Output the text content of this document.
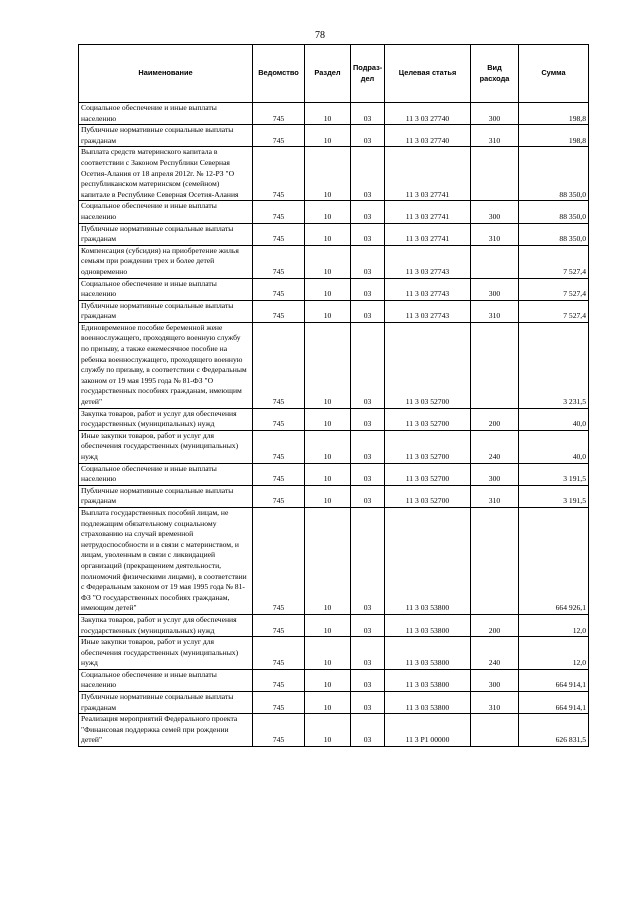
78
Наименование	Ведомство	Раздел	Подраз-дел	Целевая статья	Вид расхода	Сумма
Социальное обеспечение и иные выплаты населению	745	10	03	11 3 03 27740	300	198,8
Публичные нормативные социальные выплаты гражданам	745	10	03	11 3 03 27740	310	198,8
Выплата средств материнского капитала в соответствии с Законом Республики Северная Осетия-Алания от 18 апреля 2012г. № 12-РЗ "О республиканском материнском (семейном) капитале в Республике Северная Осетия-Алания	745	10	03	11 3 03 27741		88 350,0
Социальное обеспечение и иные выплаты населению	745	10	03	11 3 03 27741	300	88 350,0
Публичные нормативные социальные выплаты гражданам	745	10	03	11 3 03 27741	310	88 350,0
Компенсация (субсидия) на приобретение жилья семьям при рождении трех и более детей одновременно	745	10	03	11 3 03 27743		7 527,4
Социальное обеспечение и иные выплаты населению	745	10	03	11 3 03 27743	300	7 527,4
Публичные нормативные социальные выплаты гражданам	745	10	03	11 3 03 27743	310	7 527,4
Единовременное пособие беременной жене военнослужащего, проходящего военную службу по призыву, а также ежемесячное пособие на ребенка военнослужащего, проходящего военную службу по призыву, в соответствии с Федеральным законом от 19 мая 1995 года № 81-ФЗ "О государственных пособиях гражданам, имеющим детей"	745	10	03	11 3 03 52700		3 231,5
Закупка товаров, работ и услуг для обеспечения государственных (муниципальных) нужд	745	10	03	11 3 03 52700	200	40,0
Иные закупки товаров, работ и услуг для обеспечения государственных (муниципальных) нужд	745	10	03	11 3 03 52700	240	40,0
Социальное обеспечение и иные выплаты населению	745	10	03	11 3 03 52700	300	3 191,5
Публичные нормативные социальные выплаты гражданам	745	10	03	11 3 03 52700	310	3 191,5
Выплата государственных пособий лицам, не подлежащим обязательному социальному страхованию на случай временной нетрудоспособности и в связи с материнством, и лицам, уволенным в связи с ликвидацией организаций (прекращением деятельности, полномочий физическими лицами), в соответствии с Федеральным законом от 19 мая 1995 года № 81-ФЗ "О государственных пособиях гражданам, имеющим детей"	745	10	03	11 3 03 53800		664 926,1
Закупка товаров, работ и услуг для обеспечения государственных (муниципальных) нужд	745	10	03	11 3 03 53800	200	12,0
Иные закупки товаров, работ и услуг для обеспечения государственных (муниципальных) нужд	745	10	03	11 3 03 53800	240	12,0
Социальное обеспечение и иные выплаты населению	745	10	03	11 3 03 53800	300	664 914,1
Публичные нормативные социальные выплаты гражданам	745	10	03	11 3 03 53800	310	664 914,1
Реализация мероприятий Федерального проекта "Финансовая поддержка семей при рождении детей"	745	10	03	11 3 Р1 00000		626 831,5
